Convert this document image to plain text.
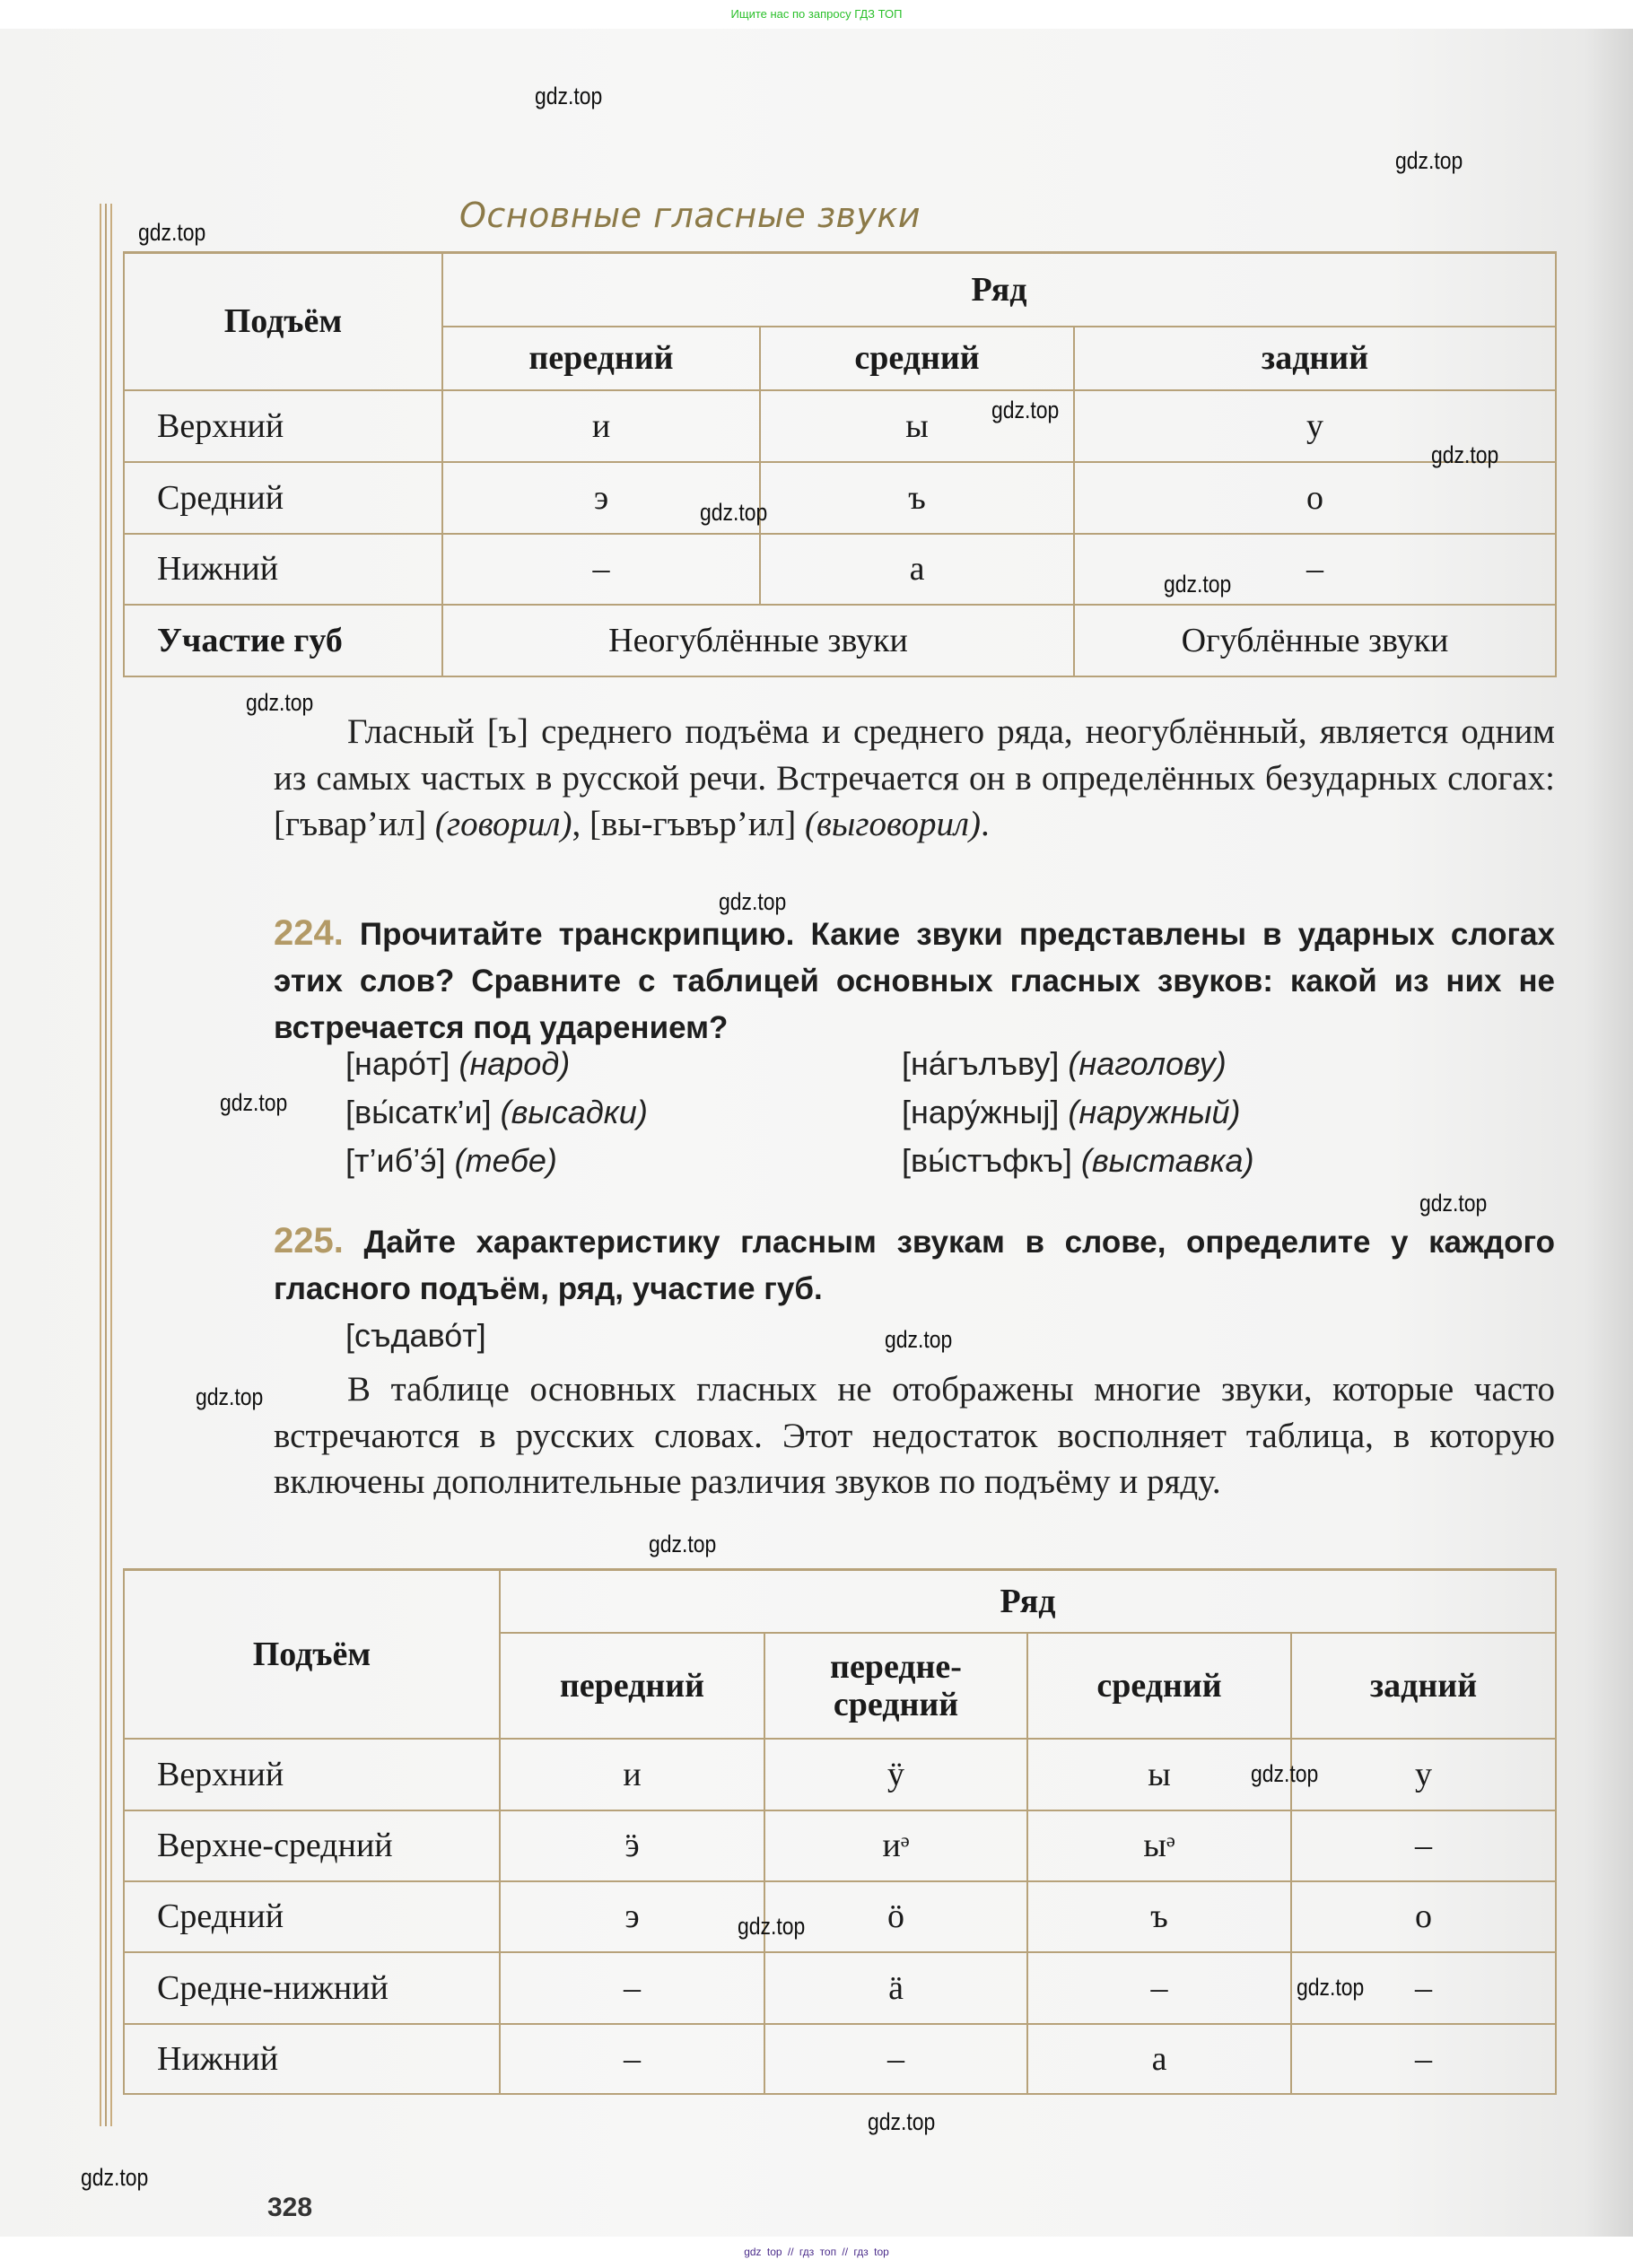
Ищите нас по запросу ГДЗ ТОП
Основные гласные звуки
Подъём	Ряд		
	передний	средний	задний
Верхний	и	ы	у
Средний	э	ъ	о
Нижний	–	а	–
Участие губ	Неогублённые звуки		Огублённые звуки
Гласный [ъ] среднего подъёма и среднего ряда, неогублённый, является одним из самых частых в русской речи. Встречается он в определённых безударных слогах: [гъвар’ил] (говорил), [вы-гъвър’ил] (выговорил).
224. Прочитайте транскрипцию. Какие звуки представлены в ударных слогах этих слов? Сравните с таблицей основных гласных звуков: какой из них не встречается под ударением?
[наро́т] (народ)	[на́гълъву] (наголову)
[вы́сатк’и] (высадки)	[нару́жныj] (наружный)
[т’иб’э́] (тебе)	[вы́стъфкъ] (выставка)
225. Дайте характеристику гласным звукам в слове, определите у каждого гласного подъём, ряд, участие губ.
[съдаво́т]
В таблице основных гласных не отображены многие звуки, которые часто встречаются в русских словах. Этот недостаток восполняет таблица, в которую включены дополнительные различия звуков по подъёму и ряду.
Подъём	Ряд			
	передний	передне-средний	средний	задний
Верхний	и	ӱ	ы	у
Верхне-средний	ӭ	иᵊ	ыᵊ	–
Средний	э	ӧ	ъ	о
Средне-нижний	–	ӓ	–	–
Нижний	–	–	а	–
328
gdz.top
gdz.top
gdz.top
gdz.top
gdz.top
gdz.top
gdz.top
gdz.top
gdz.top
gdz.top
gdz.top
gdz.top
gdz.top
gdz.top
gdz.top
gdz.top
gdz.top
gdz.top
gdz.top
gdz top // гдз топ // гдз top
